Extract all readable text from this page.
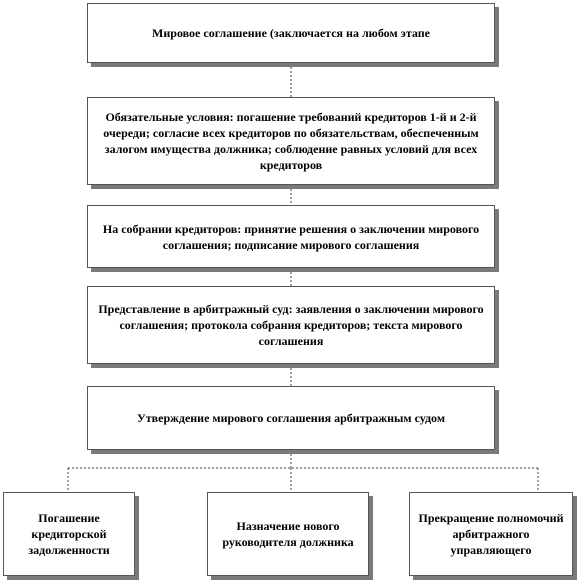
Мировое соглашение (заключается на любом этапе
Обязательные условия: погашение требований кредиторов 1-й и 2-й очереди; согласие всех кредиторов по обязательствам, обеспеченным залогом имущества должника; соблюдение равных условий для всех кредиторов
На собрании кредиторов: принятие решения о заключении мирового соглашения; подписание мирового соглашения
Представление в арбитражный суд: заявления о заключении мирового соглашения; протокола собрания кредиторов; текста мирового соглашения
Утверждение мирового соглашения арбитражным судом
Погашение кредиторской задолженности
Назначение нового руководителя должника
Прекращение полномочий арбитражного управляющего
